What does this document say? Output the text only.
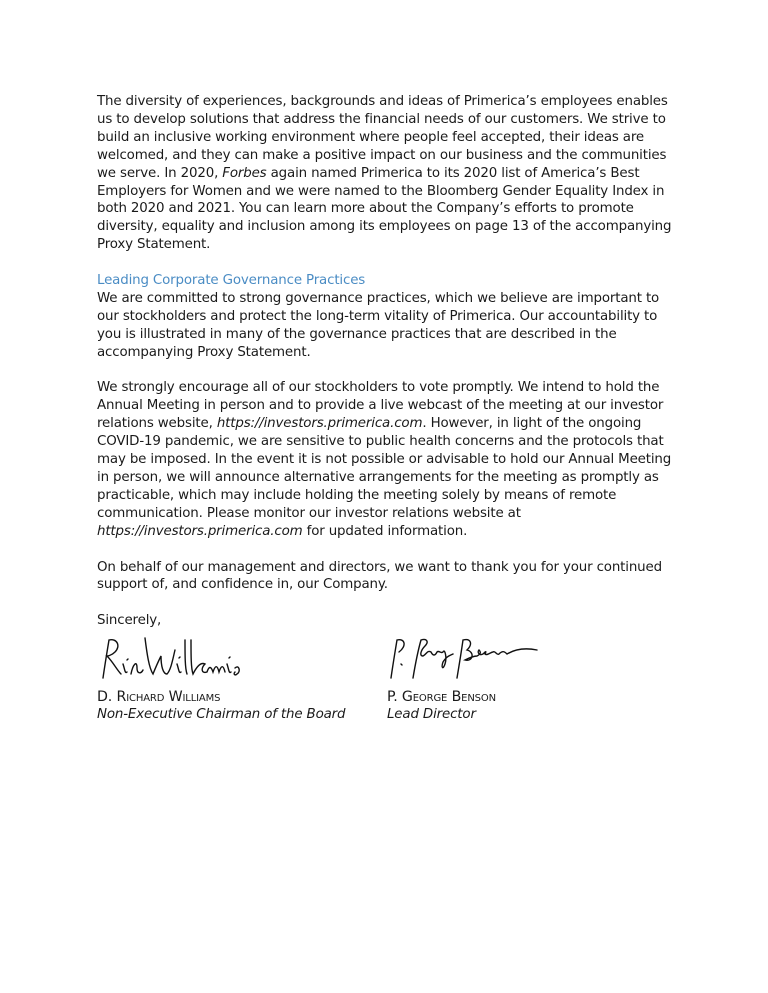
The diversity of experiences, backgrounds and ideas of Primerica’s employees enables us to develop solutions that address the financial needs of our customers. We strive to build an inclusive working environment where people feel accepted, their ideas are welcomed, and they can make a positive impact on our business and the communities we serve. In 2020, Forbes again named Primerica to its 2020 list of America’s Best Employers for Women and we were named to the Bloomberg Gender Equality Index in both 2020 and 2021. You can learn more about the Company’s efforts to promote diversity, equality and inclusion among its employees on page 13 of the accompanying Proxy Statement.

Leading Corporate Governance Practices

We are committed to strong governance practices, which we believe are important to our stockholders and protect the long-term vitality of Primerica. Our accountability to you is illustrated in many of the governance practices that are described in the accompanying Proxy Statement.

We strongly encourage all of our stockholders to vote promptly. We intend to hold the Annual Meeting in person and to provide a live webcast of the meeting at our investor relations website, https://investors.primerica.com. However, in light of the ongoing COVID-19 pandemic, we are sensitive to public health concerns and the protocols that may be imposed. In the event it is not possible or advisable to hold our Annual Meeting in person, we will announce alternative arrangements for the meeting as promptly as practicable, which may include holding the meeting solely by means of remote communication. Please monitor our investor relations website at https://investors.primerica.com for updated information.

On behalf of our management and directors, we want to thank you for your continued support of, and confidence in, our Company.

Sincerely,
D. Richard Williams
Non-Executive Chairman of the Board
P. George Benson
Lead Director
